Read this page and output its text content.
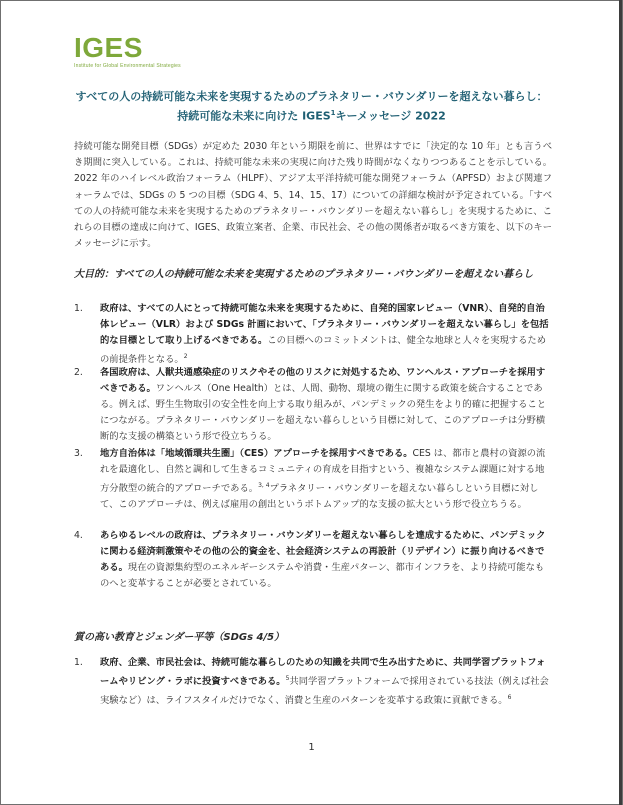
IGES
Institute for Global Environmental Strategies
すべての人の持続可能な未来を実現するためのプラネタリー・バウンダリーを超えない暮らし：
持続可能な未来に向けた IGES$^1$キーメッセージ 2022
持続可能な開発目標（SDGs）が定めた 2030 年という期限を前に、世界はすでに「決定的な 10 年」とも言うべき期間に突入している。これは、持続可能な未来の実現に向けた残り時間がなくなりつつあることを示している。2022 年のハイレベル政治フォーラム（HLPF）、アジア太平洋持続可能な開発フォーラム（APFSD）および関連フォーラムでは、SDGs の 5 つの目標（SDG 4、5、14、15、17）についての詳細な検討が予定されている。「すべての人の持続可能な未来を実現するためのプラネタリー・バウンダリーを超えない暮らし」を実現するために、これらの目標の達成に向けて、IGES、政策立案者、企業、市民社会、その他の関係者が取るべき方策を、以下のキーメッセージに示す。
大目的：すべての人の持続可能な未来を実現するためのプラネタリー・バウンダリーを超えない暮らし
1. 政府は、すべての人にとって持続可能な未来を実現するために、自発的国家レビュー（VNR）、自発的自治体レビュー（VLR）および SDGs 計画において、「プラネタリー・バウンダリーを超えない暮らし」を包括的な目標として取り上げるべきである。この目標へのコミットメントは、健全な地球と人々を実現するための前提条件となる。$^2$
2. 各国政府は、人獣共通感染症のリスクやその他のリスクに対処するため、ワンヘルス・アプローチを採用すべきである。ワンヘルス（One Health）とは、人間、動物、環境の衛生に関する政策を統合することである。例えば、野生生物取引の安全性を向上する取り組みが、パンデミックの発生をより的確に把握することにつながる。プラネタリー・バウンダリーを超えない暮らしという目標に対して、このアプローチは分野横断的な支援の構築という形で役立ちうる。
3. 地方自治体は「地域循環共生圏」（CES）アプローチを採用すべきである。CES は、都市と農村の資源の流れを最適化し、自然と調和して生きるコミュニティの育成を目指すという、複雑なシステム課題に対する地方分散型の統合的アプローチである。$^{3, 4}$プラネタリー・バウンダリーを超えない暮らしという目標に対して、このアプローチは、例えば雇用の創出というボトムアップ的な支援の拡大という形で役立ちうる。
4. あらゆるレベルの政府は、プラネタリー・バウンダリーを超えない暮らしを達成するために、パンデミックに関わる経済刺激策やその他の公的資金を、社会経済システムの再設計（リデザイン）に振り向けるべきである。現在の資源集約型のエネルギーシステムや消費・生産パターン、都市インフラを、より持続可能なものへと変革することが必要とされている。
質の高い教育とジェンダー平等（SDGs 4/5）
1. 政府、企業、市民社会は、持続可能な暮らしのための知識を共同で生み出すために、共同学習プラットフォームやリビング・ラボに投資すべきである。$^5$共同学習プラットフォームで採用されている技法（例えば社会実験など）は、ライフスタイルだけでなく、消費と生産のパターンを変革する政策に貢献できる。$^6$
1
